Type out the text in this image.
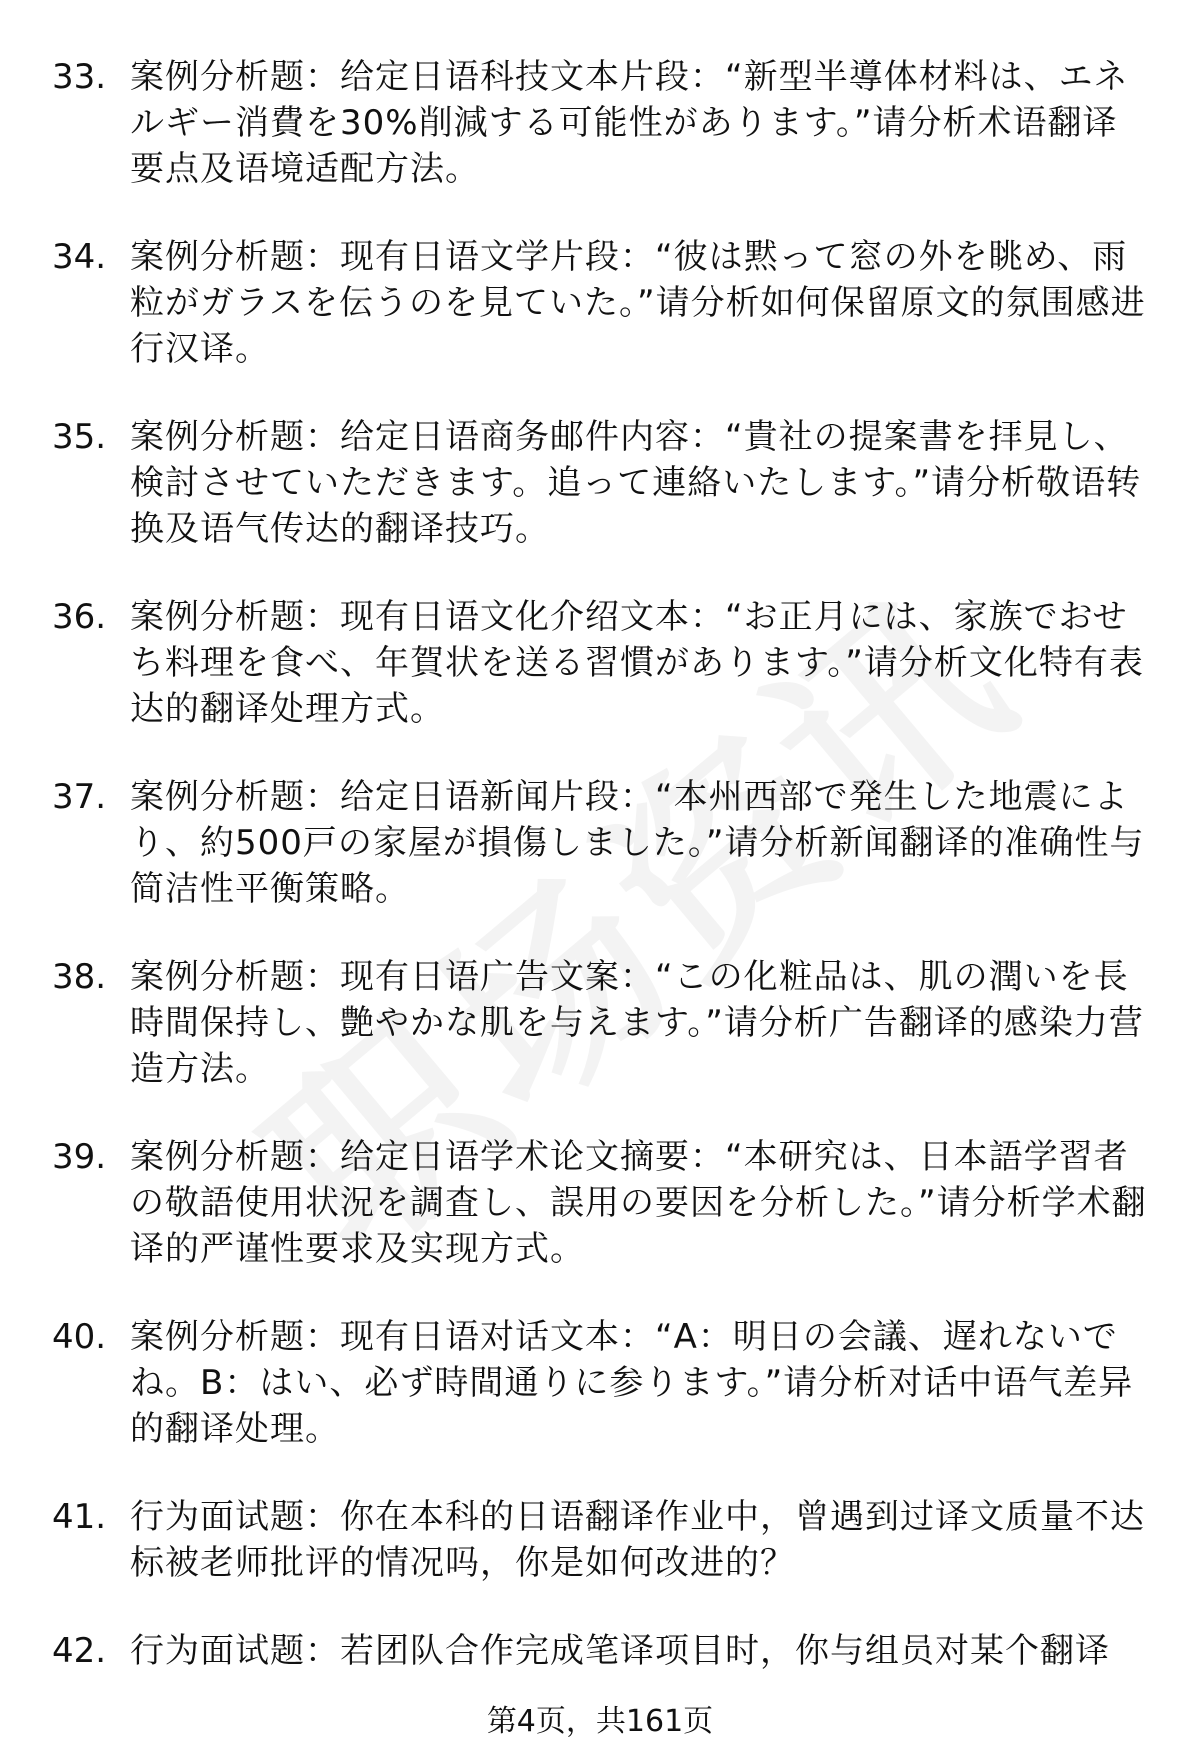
33. 案例分析题：给定日语科技文本片段：“新型半導体材料は、エネルギー消費を30%削減する可能性があります。”请分析术语翻译要点及语境适配方法。
34. 案例分析题：现有日语文学片段：“彼は黙って窓の外を眺め、雨粒がガラスを伝うのを見ていた。”请分析如何保留原文的氛围感进行汉译。
35. 案例分析题：给定日语商务邮件内容：“貴社の提案書を拝見し、検討させていただきます。追って連絡いたします。”请分析敬语转换及语气传达的翻译技巧。
36. 案例分析题：现有日语文化介绍文本：“お正月には、家族でおせち料理を食べ、年賀状を送る習慣があります。”请分析文化特有表达的翻译处理方式。
37. 案例分析题：给定日语新闻片段：“本州西部で発生した地震により、約500戸の家屋が損傷しました。”请分析新闻翻译的准确性与简洁性平衡策略。
38. 案例分析题：现有日语广告文案：“この化粧品は、肌の潤いを長時間保持し、艶やかな肌を与えます。”请分析广告翻译的感染力营造方法。
39. 案例分析题：给定日语学术论文摘要：“本研究は、日本語学習者の敬語使用状況を調査し、誤用の要因を分析した。”请分析学术翻译的严谨性要求及实现方式。
40. 案例分析题：现有日语对话文本：“A：明日の会議、遅れないでね。B：はい、必ず時間通りに参ります。”请分析对话中语气差异的翻译处理。
41. 行为面试题：你在本科的日语翻译作业中，曾遇到过译文质量不达标被老师批评的情况吗，你是如何改进的？
42. 行为面试题：若团队合作完成笔译项目时，你与组员对某个翻译
第4页，共161页
